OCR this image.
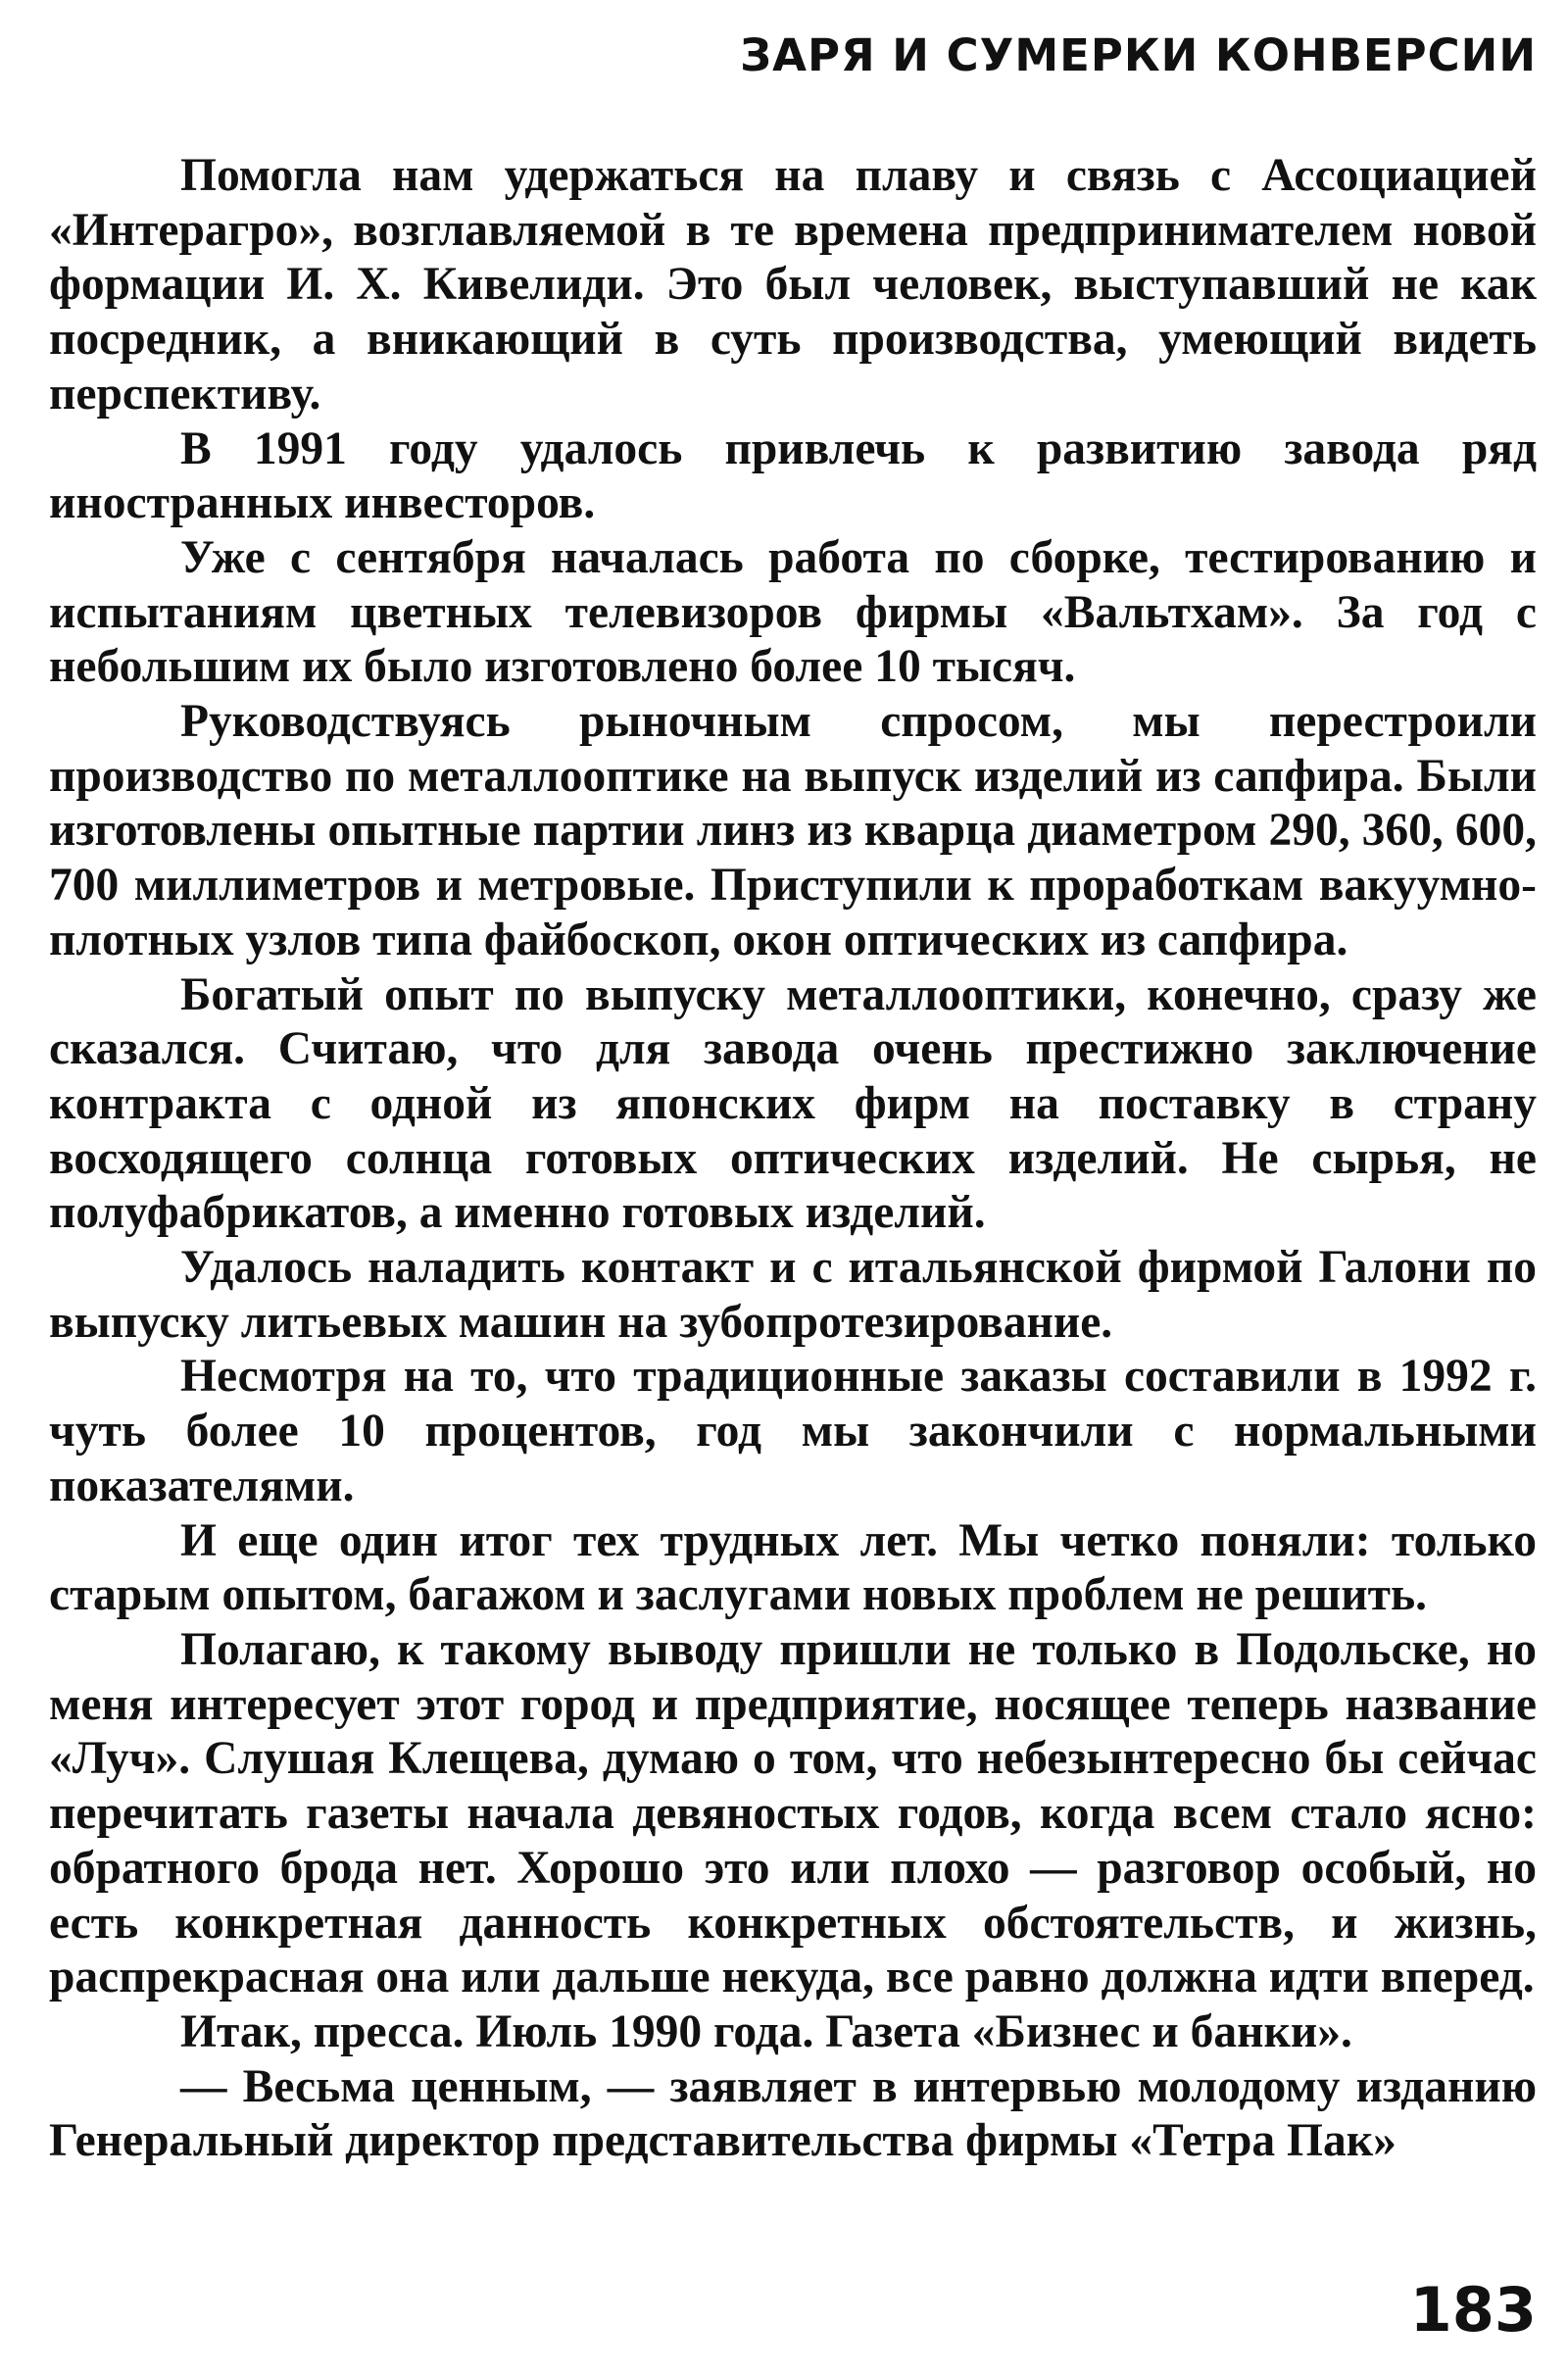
ЗАРЯ И СУМЕРКИ КОНВЕРСИИ

Помогла нам удержаться на плаву и связь с Ассоциацией «Интерагро», возглавляемой в те времена предпринимателем новой формации И. Х. Кивелиди. Это был человек, выступавший не как посредник, а вникающий в суть производства, умеющий видеть перспективу.

В 1991 году удалось привлечь к развитию завода ряд иностранных инвесторов.

Уже с сентября началась работа по сборке, тестированию и испытаниям цветных телевизоров фирмы «Вальтхам». За год с небольшим их было изготовлено более 10 тысяч.

Руководствуясь рыночным спросом, мы перестроили производство по металлооптике на выпуск изделий из сапфира. Были изготовлены опытные партии линз из кварца диаметром 290, 360, 600, 700 миллиметров и метровые. Приступили к проработкам вакуумно-плотных узлов типа файбоскоп, окон оптических из сапфира.

Богатый опыт по выпуску металлооптики, конечно, сразу же сказался. Считаю, что для завода очень престижно заключение контракта с одной из японских фирм на поставку в страну восходящего солнца готовых оптических изделий. Не сырья, не полуфабрикатов, а именно готовых изделий.

Удалось наладить контакт и с итальянской фирмой Галони по выпуску литьевых машин на зубопротезирование.

Несмотря на то, что традиционные заказы составили в 1992 г. чуть более 10 процентов, год мы закончили с нормальными показателями.

И еще один итог тех трудных лет. Мы четко поняли: только старым опытом, багажом и заслугами новых проблем не решить.

Полагаю, к такому выводу пришли не только в Подольске, но меня интересует этот город и предприятие, носящее теперь название «Луч». Слушая Клещева, думаю о том, что небезынтересно бы сейчас перечитать газеты начала девяностых годов, когда всем стало ясно: обратного брода нет. Хорошо это или плохо — разговор особый, но есть конкретная данность конкретных обстоятельств, и жизнь, распрекрасная она или дальше некуда, все равно должна идти вперед.

Итак, пресса. Июль 1990 года. Газета «Бизнес и банки».

— Весьма ценным, — заявляет в интервью молодому изданию Генеральный директор представительства фирмы «Тетра Пак»

183
